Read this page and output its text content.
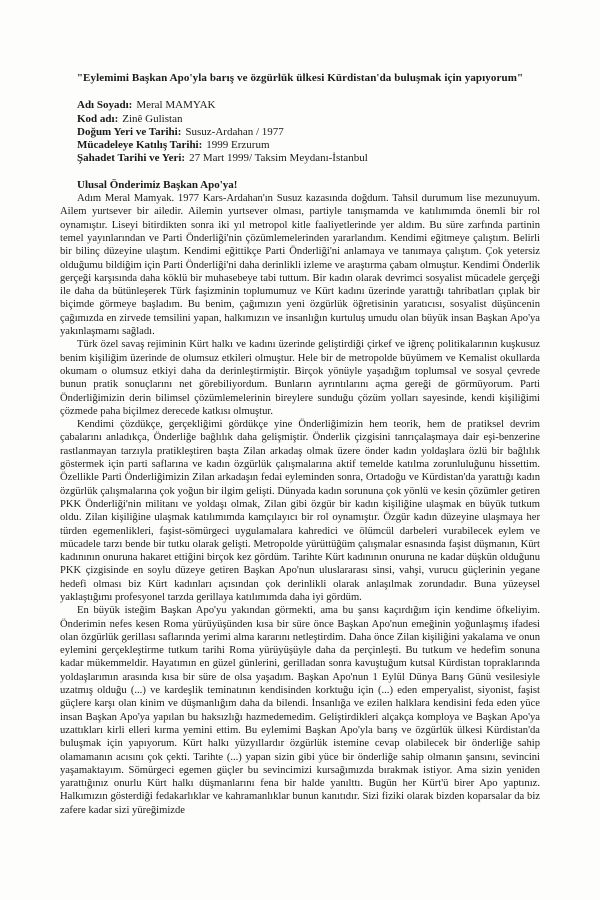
"Eylemimi Başkan Apo'yla barış ve özgürlük ülkesi Kürdistan'da buluşmak için yapıyorum"
Adı Soyadı: Meral MAMYAK
Kod adı: Zinê Gulistan
Doğum Yeri ve Tarihi: Susuz-Ardahan / 1977
Mücadeleye Katılış Tarihi: 1999 Erzurum
Şahadet Tarihi ve Yeri: 27 Mart 1999/ Taksim Meydanı-İstanbul
Ulusal Önderimiz Başkan Apo'ya!

Adım Meral Mamyak. 1977 Kars-Ardahan'ın Susuz kazasında doğdum. Tahsil durumum lise mezunuyum. Ailem yurtsever bir ailedir. Ailemin yurtsever olması, partiyle tanışmamda ve katılımımda önemli bir rol oynamıştır. Liseyi bitirdikten sonra iki yıl metropol kitle faaliyetlerinde yer aldım. Bu süre zarfında partinin temel yayınlarından ve Parti Önderliği'nin çözümlemelerinden yararlandım. Kendimi eğitmeye çalıştım. Belirli bir bilinç düzeyine ulaştım. Kendimi eğittikçe Parti Önderliği'ni anlamaya ve tanımaya çalıştım. Çok yetersiz olduğumu bildiğim için Parti Önderliği'ni daha derinlikli izleme ve araştırma çabam olmuştur. Kendimi Önderlik gerçeği karşısında daha köklü bir muhasebeye tabi tuttum. Bir kadın olarak devrimci sosyalist mücadele gerçeği ile daha da bütünleşerek Türk faşizminin toplumumuz ve Kürt kadını üzerinde yarattığı tahribatları çıplak bir biçimde görmeye başladım. Bu benim, çağımızın yeni özgürlük öğretisinin yaratıcısı, sosyalist düşüncenin çağımızda en zirvede temsilini yapan, halkımızın ve insanlığın kurtuluş umudu olan büyük insan Başkan Apo'ya yakınlaşmamı sağladı.

Türk özel savaş rejiminin Kürt halkı ve kadını üzerinde geliştirdiği çirkef ve iğrenç politikalarının kuşkusuz benim kişiliğim üzerinde de olumsuz etkileri olmuştur. Hele bir de metropolde büyümem ve Kemalist okullarda okumam o olumsuz etkiyi daha da derinleştirmiştir. Birçok yönüyle yaşadığım toplumsal ve sosyal çevrede bunun pratik sonuçlarını net görebiliyordum. Bunların ayrıntılarını açma gereği de görmüyorum. Parti Önderliğimizin derin bilimsel çözümlemelerinin bireylere sunduğu çözüm yolları sayesinde, kendi kişiliğimi çözmede paha biçilmez derecede katkısı olmuştur.

Kendimi çözdükçe, gerçekliğimi gördükçe yine Önderliğimizin hem teorik, hem de pratiksel devrim çabalarını anladıkça, Önderliğe bağlılık daha gelişmiştir. Önderlik çizgisini tanrıçalaşmaya dair eşi-benzerine rastlanmayan tarzıyla pratikleştiren başta Zilan arkadaş olmak üzere önder kadın yoldaşlara özlü bir bağlılık göstermek için parti saflarına ve kadın özgürlük çalışmalarına aktif temelde katılma zorunluluğunu hissettim. Özellikle Parti Önderliğimizin Zilan arkadaşın fedai eyleminden sonra, Ortadoğu ve Kürdistan'da yarattığı kadın özgürlük çalışmalarına çok yoğun bir ilgim gelişti. Dünyada kadın sorununa çok yönlü ve kesin çözümler getiren PKK Önderliği'nin militanı ve yoldaşı olmak, Zilan gibi özgür bir kadın kişiliğine ulaşmak en büyük tutkum oldu. Zilan kişiliğine ulaşmak katılımımda kamçılayıcı bir rol oynamıştır. Özgür kadın düzeyine ulaşmaya her türden egemenlikleri, faşist-sömürgeci uygulamalara kahredici ve ölümcül darbeleri vurabilecek eylem ve mücadele tarzı bende bir tutku olarak gelişti. Metropolde yürüttüğüm çalışmalar esnasında faşist düşmanın, Kürt kadınının onuruna hakaret ettiğini birçok kez gördüm. Tarihte Kürt kadınının onuruna ne kadar düşkün olduğunu PKK çizgisinde en soylu düzeye getiren Başkan Apo'nun uluslararası sinsi, vahşi, vurucu güçlerinin yegane hedefi olması biz Kürt kadınları açısından çok derinlikli olarak anlaşılmak zorundadır. Buna yüzeysel yaklaştığımı profesyonel tarzda gerillaya katılımımda daha iyi gördüm.

En büyük isteğim Başkan Apo'yu yakından görmekti, ama bu şansı kaçırdığım için kendime öfkeliyim. Önderimin nefes kesen Roma yürüyüşünden kısa bir süre önce Başkan Apo'nun emeğinin yoğunlaşmış ifadesi olan özgürlük gerillası saflarında yerimi alma kararını netleştirdim. Daha önce Zilan kişiliğini yakalama ve onun eylemini gerçekleştirme tutkum tarihi Roma yürüyüşüyle daha da perçinleşti. Bu tutkum ve hedefim sonuna kadar mükemmeldir. Hayatımın en güzel günlerini, gerilladan sonra kavuştuğum kutsal Kürdistan topraklarında yoldaşlarımın arasında kısa bir süre de olsa yaşadım. Başkan Apo'nun 1 Eylül Dünya Barış Günü vesilesiyle uzatmış olduğu (...) ve kardeşlik teminatının kendisinden korktuğu için (...) eden emperyalist, siyonist, faşist güçlere karşı olan kinim ve düşmanlığım daha da bilendi. İnsanlığa ve ezilen halklara kendisini feda eden yüce insan Başkan Apo'ya yapılan bu haksızlığı hazmedemedim. Geliştirdikleri alçakça komploya ve Başkan Apo'ya uzattıkları kirli elleri kırma yemini ettim. Bu eylemimi Başkan Apo'yla barış ve özgürlük ülkesi Kürdistan'da buluşmak için yapıyorum. Kürt halkı yüzyıllardır özgürlük istemine cevap olabilecek bir önderliğe sahip olamamanın acısını çok çekti. Tarihte (...) yapan sizin gibi yüce bir önderliğe sahip olmanın şansını, sevincini yaşamaktayım. Sömürgeci egemen güçler bu sevincimizi kursağımızda bırakmak istiyor. Ama sizin yeniden yarattığınız onurlu Kürt halkı düşmanlarını fena bir halde yanılttı. Bugün her Kürt'ü birer Apo yaptınız. Halkımızın gösterdiği fedakarlıklar ve kahramanlıklar bunun kanıtıdır. Sizi fiziki olarak bizden koparsalar da biz zafere kadar sizi yüreğimizde
